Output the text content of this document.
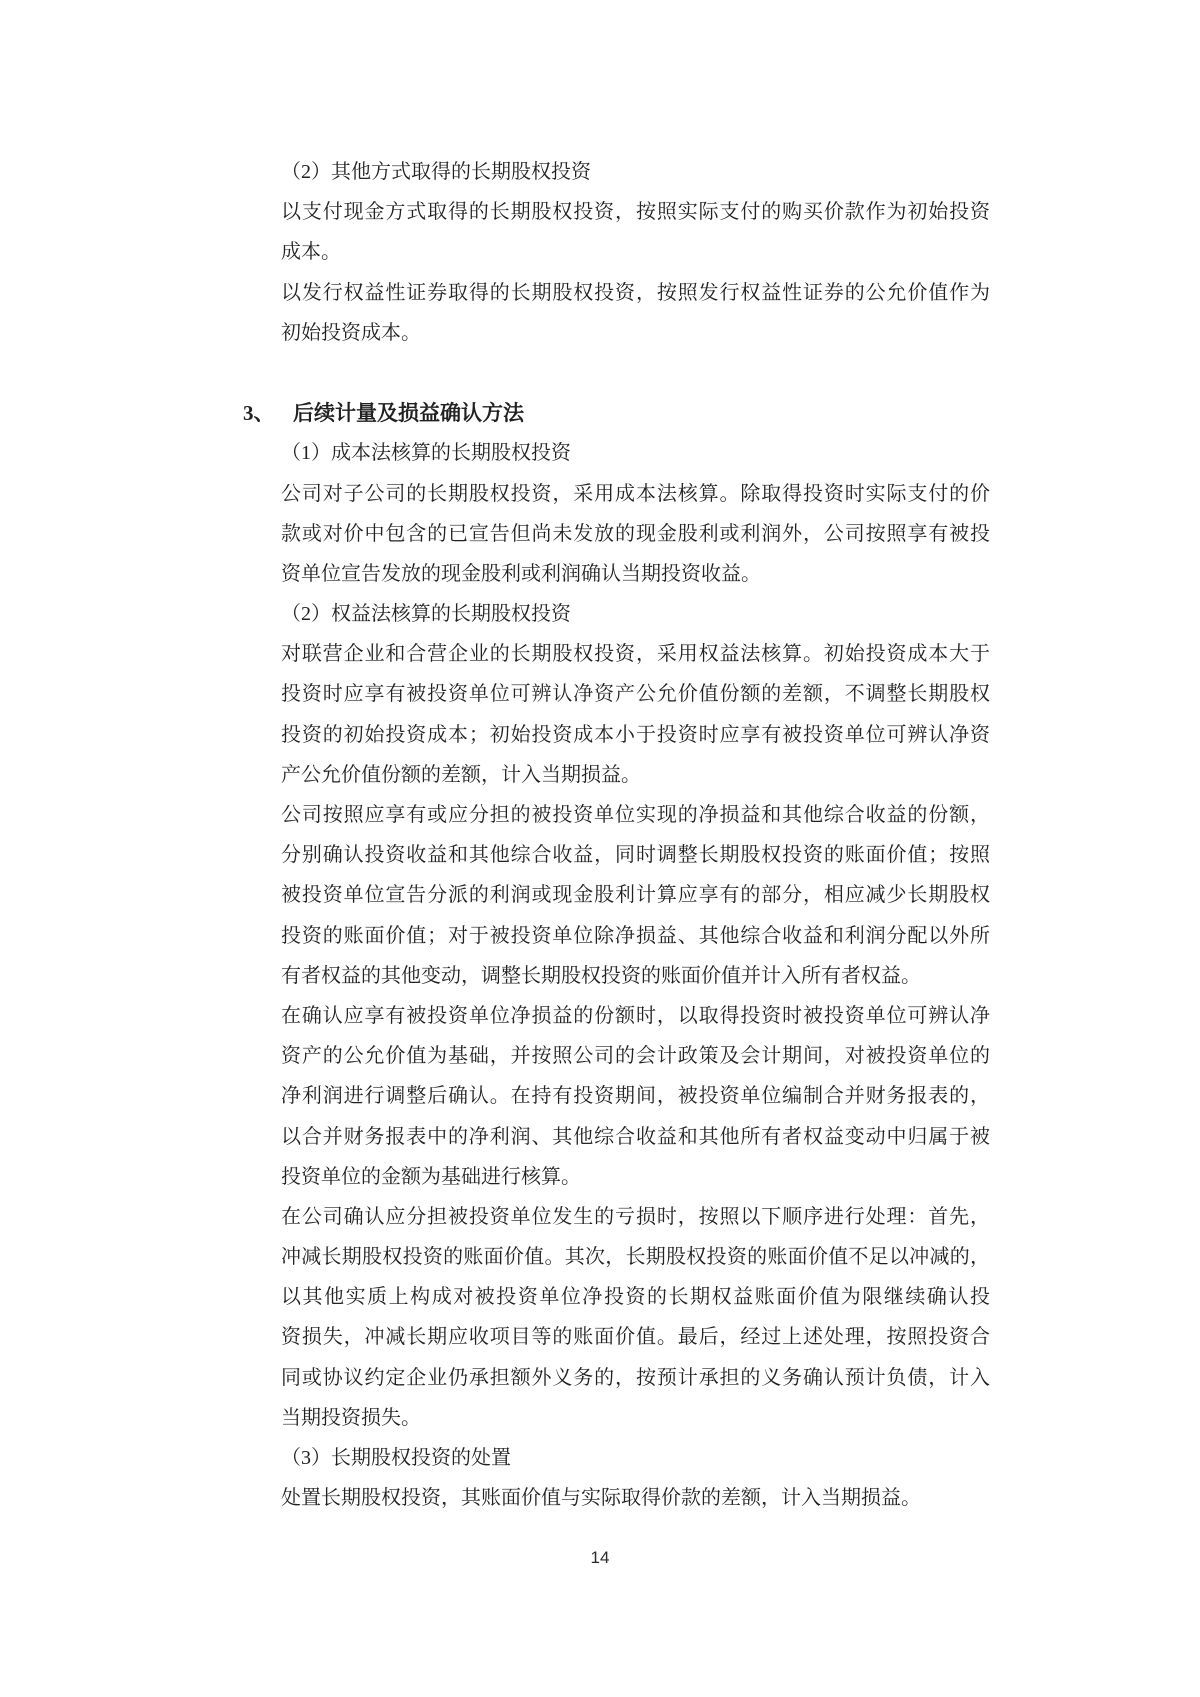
（2）其他方式取得的长期股权投资
以支付现金方式取得的长期股权投资，按照实际支付的购买价款作为初始投资
成本。
以发行权益性证券取得的长期股权投资，按照发行权益性证券的公允价值作为
初始投资成本。
3、 后续计量及损益确认方法
（1）成本法核算的长期股权投资
公司对子公司的长期股权投资，采用成本法核算。除取得投资时实际支付的价
款或对价中包含的已宣告但尚未发放的现金股利或利润外，公司按照享有被投
资单位宣告发放的现金股利或利润确认当期投资收益。
（2）权益法核算的长期股权投资
对联营企业和合营企业的长期股权投资，采用权益法核算。初始投资成本大于
投资时应享有被投资单位可辨认净资产公允价值份额的差额，不调整长期股权
投资的初始投资成本；初始投资成本小于投资时应享有被投资单位可辨认净资
产公允价值份额的差额，计入当期损益。
公司按照应享有或应分担的被投资单位实现的净损益和其他综合收益的份额，
分别确认投资收益和其他综合收益，同时调整长期股权投资的账面价值；按照
被投资单位宣告分派的利润或现金股利计算应享有的部分，相应减少长期股权
投资的账面价值；对于被投资单位除净损益、其他综合收益和利润分配以外所
有者权益的其他变动，调整长期股权投资的账面价值并计入所有者权益。
在确认应享有被投资单位净损益的份额时，以取得投资时被投资单位可辨认净
资产的公允价值为基础，并按照公司的会计政策及会计期间，对被投资单位的
净利润进行调整后确认。在持有投资期间，被投资单位编制合并财务报表的，
以合并财务报表中的净利润、其他综合收益和其他所有者权益变动中归属于被
投资单位的金额为基础进行核算。
在公司确认应分担被投资单位发生的亏损时，按照以下顺序进行处理：首先，
冲减长期股权投资的账面价值。其次，长期股权投资的账面价值不足以冲减的，
以其他实质上构成对被投资单位净投资的长期权益账面价值为限继续确认投
资损失，冲减长期应收项目等的账面价值。最后，经过上述处理，按照投资合
同或协议约定企业仍承担额外义务的，按预计承担的义务确认预计负债，计入
当期投资损失。
（3）长期股权投资的处置
处置长期股权投资，其账面价值与实际取得价款的差额，计入当期损益。
14
